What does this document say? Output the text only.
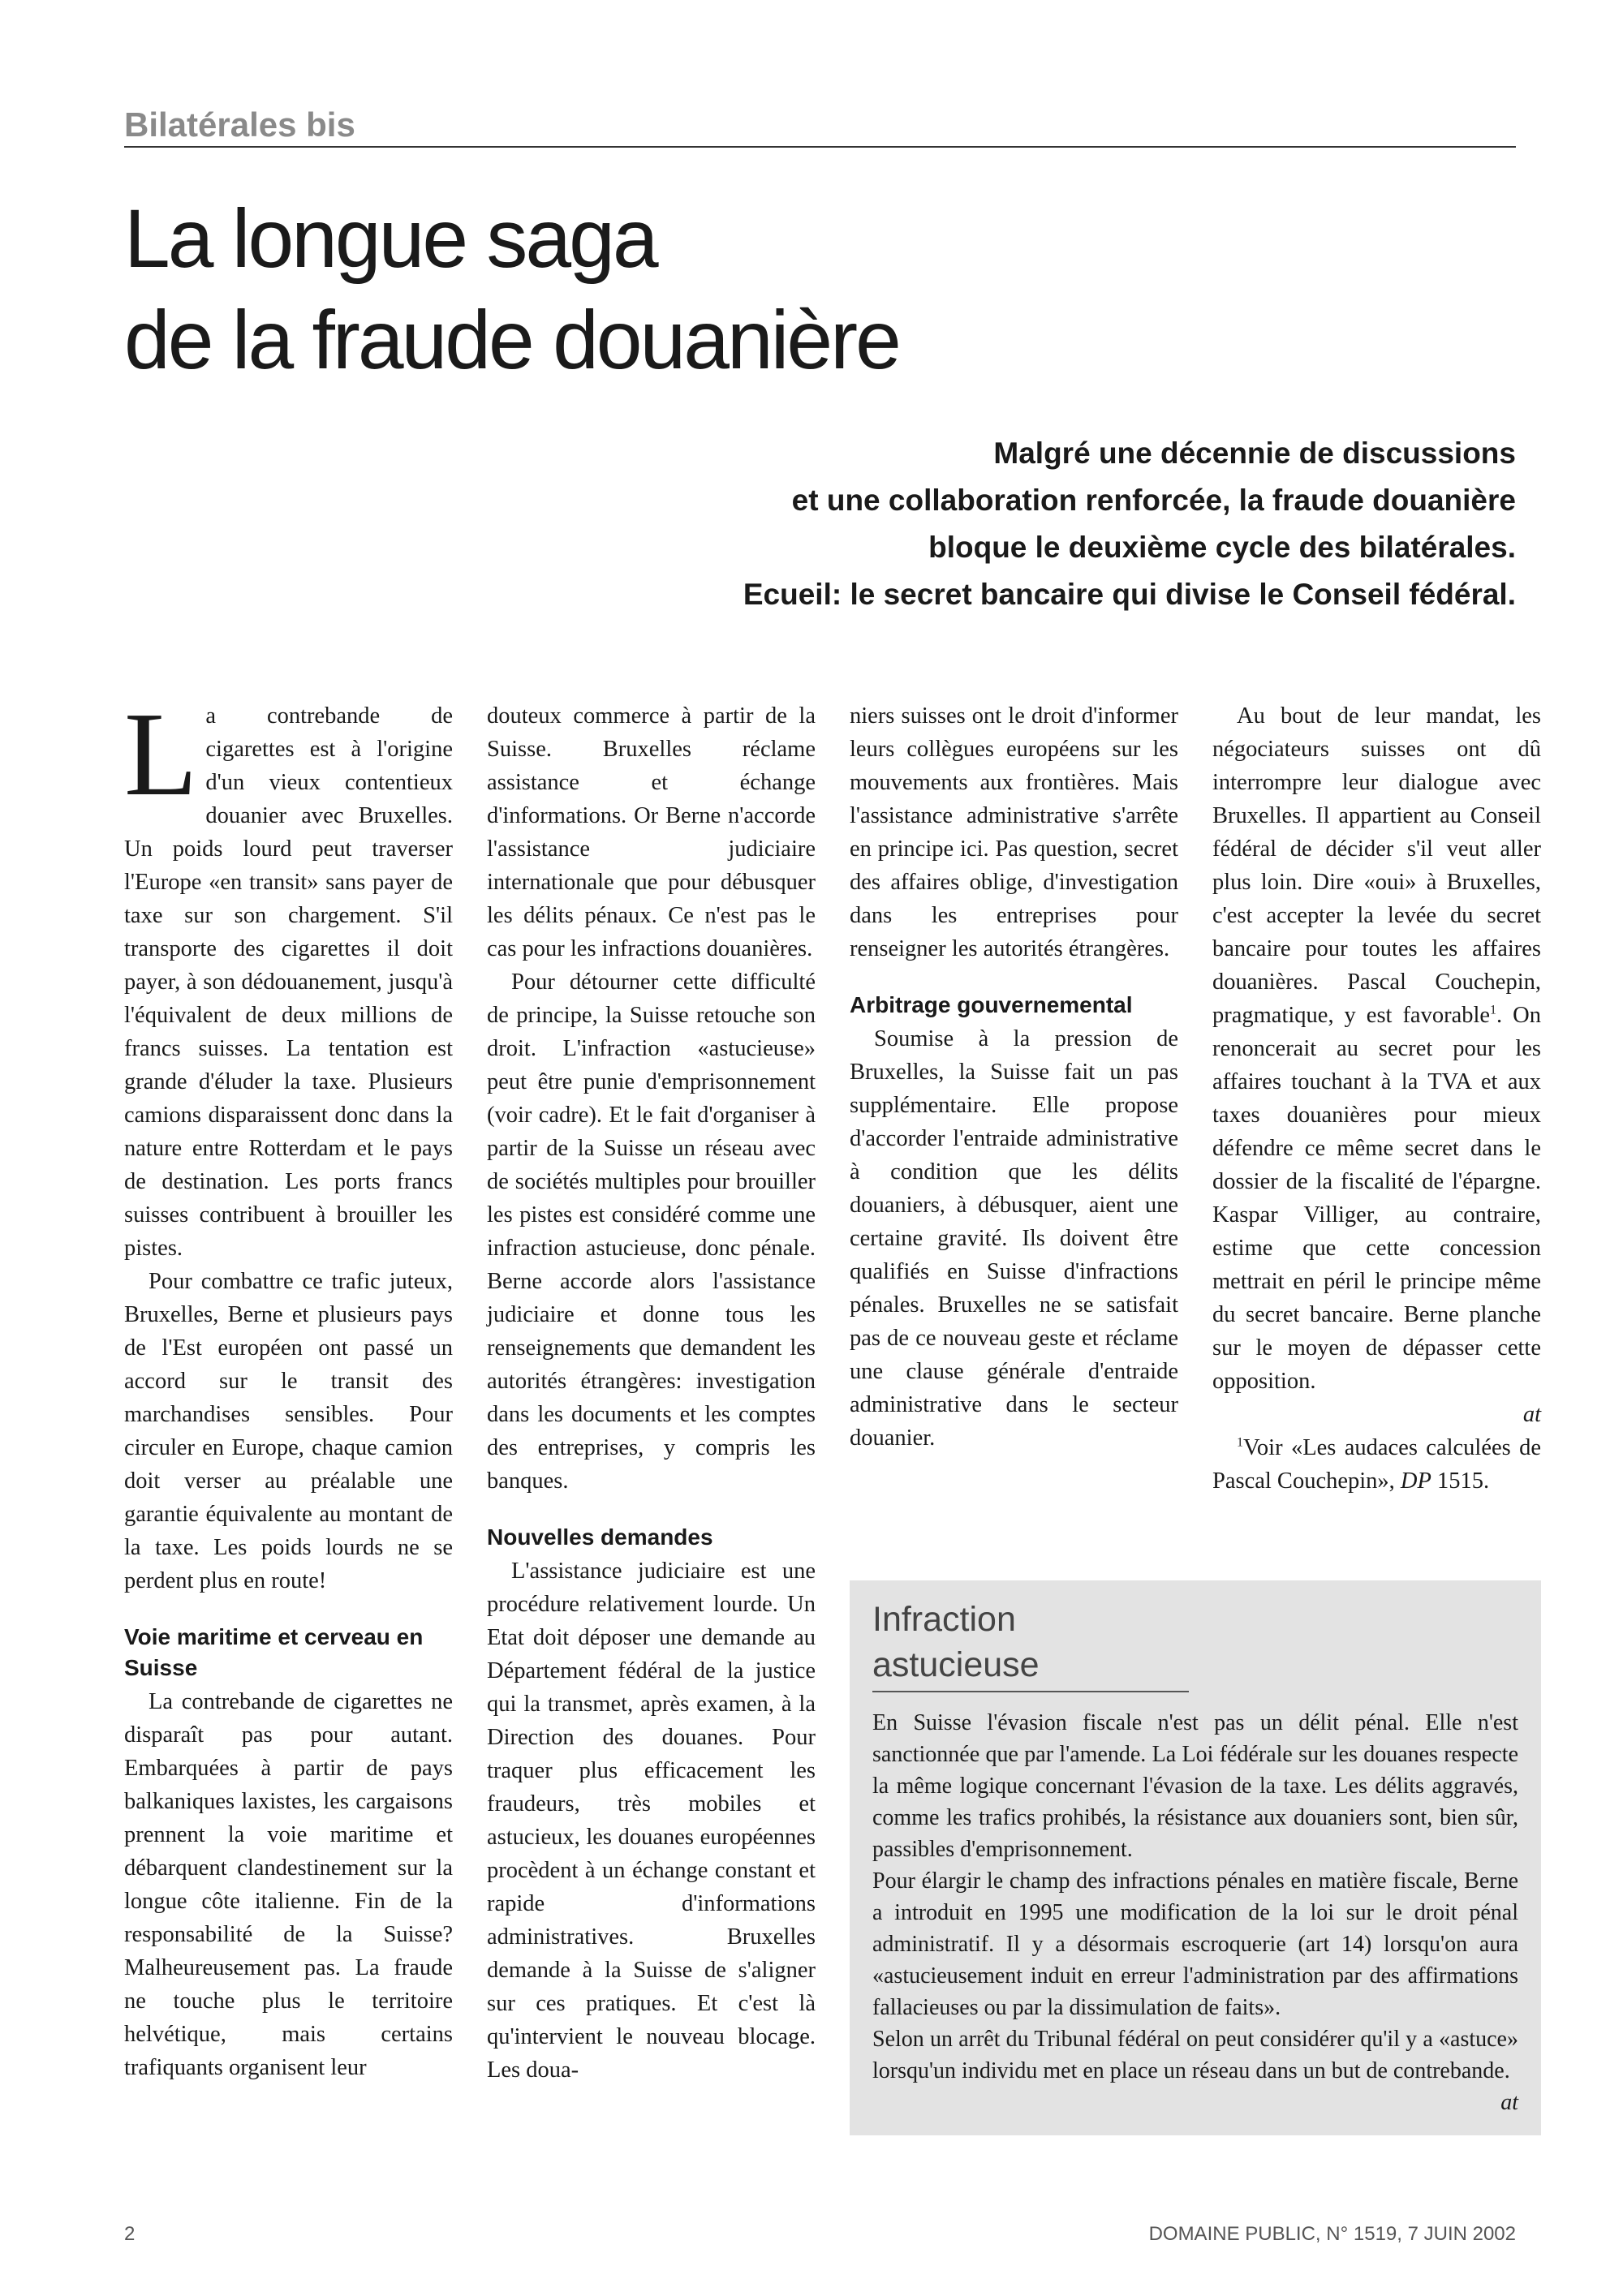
Bilatérales bis
La longue saga
de la fraude douanière
Malgré une décennie de discussions
et une collaboration renforcée, la fraude douanière
bloque le deuxième cycle des bilatérales.
Ecueil: le secret bancaire qui divise le Conseil fédéral.

La contrebande de cigarettes est à l'origine d'un vieux contentieux douanier avec Bruxelles. Un poids lourd peut traverser l'Europe «en transit» sans payer de taxe sur son chargement. S'il transporte des cigarettes il doit payer, à son dédouanement, jusqu'à l'équivalent de deux millions de francs suisses. La tentation est grande d'éluder la taxe. Plusieurs camions disparaissent donc dans la nature entre Rotterdam et le pays de destination. Les ports francs suisses contribuent à brouiller les pistes.

Pour combattre ce trafic juteux, Bruxelles, Berne et plusieurs pays de l'Est européen ont passé un accord sur le transit des marchandises sensibles. Pour circuler en Europe, chaque camion doit verser au préalable une garantie équivalente au montant de la taxe. Les poids lourds ne se perdent plus en route!

Voie maritime et cerveau en Suisse

La contrebande de cigarettes ne disparaît pas pour autant. Embarquées à partir de pays balkaniques laxistes, les cargaisons prennent la voie maritime et débarquent clandestinement sur la longue côte italienne. Fin de la responsabilité de la Suisse? Malheureusement pas. La fraude ne touche plus le territoire helvétique, mais certains trafiquants organisent leur

douteux commerce à partir de la Suisse. Bruxelles réclame assistance et échange d'informations. Or Berne n'accorde l'assistance judiciaire internationale que pour débusquer les délits pénaux. Ce n'est pas le cas pour les infractions douanières.

Pour détourner cette difficulté de principe, la Suisse retouche son droit. L'infraction «astucieuse» peut être punie d'emprisonnement (voir cadre). Et le fait d'organiser à partir de la Suisse un réseau avec de sociétés multiples pour brouiller les pistes est considéré comme une infraction astucieuse, donc pénale. Berne accorde alors l'assistance judiciaire et donne tous les renseignements que demandent les autorités étrangères: investigation dans les documents et les comptes des entreprises, y compris les banques.

Nouvelles demandes

L'assistance judiciaire est une procédure relativement lourde. Un Etat doit déposer une demande au Département fédéral de la justice qui la transmet, après examen, à la Direction des douanes. Pour traquer plus efficacement les fraudeurs, très mobiles et astucieux, les douanes européennes procèdent à un échange constant et rapide d'informations administratives. Bruxelles demande à la Suisse de s'aligner sur ces pratiques. Et c'est là qu'intervient le nouveau blocage. Les doua-

niers suisses ont le droit d'informer leurs collègues européens sur les mouvements aux frontières. Mais l'assistance administrative s'arrête en principe ici. Pas question, secret des affaires oblige, d'investigation dans les entreprises pour renseigner les autorités étrangères.

Arbitrage gouvernemental

Soumise à la pression de Bruxelles, la Suisse fait un pas supplémentaire. Elle propose d'accorder l'entraide administrative à condition que les délits douaniers, à débusquer, aient une certaine gravité. Ils doivent être qualifiés en Suisse d'infractions pénales. Bruxelles ne se satisfait pas de ce nouveau geste et réclame une clause générale d'entraide administrative dans le secteur douanier.

Au bout de leur mandat, les négociateurs suisses ont dû interrompre leur dialogue avec Bruxelles. Il appartient au Conseil fédéral de décider s'il veut aller plus loin. Dire «oui» à Bruxelles, c'est accepter la levée du secret bancaire pour toutes les affaires douanières. Pascal Couchepin, pragmatique, y est favorable$^1$. On renoncerait au secret pour les affaires touchant à la TVA et aux taxes douanières pour mieux défendre ce même secret dans le dossier de la fiscalité de l'épargne. Kaspar Villiger, au contraire, estime que cette concession mettrait en péril le principe même du secret bancaire. Berne planche sur le moyen de dépasser cette opposition.
at

$^1$Voir «Les audaces calculées de Pascal Couchepin», DP 1515.

Infraction astucieuse

En Suisse l'évasion fiscale n'est pas un délit pénal. Elle n'est sanctionnée que par l'amende. La Loi fédérale sur les douanes respecte la même logique concernant l'évasion de la taxe. Les délits aggravés, comme les trafics prohibés, la résistance aux douaniers sont, bien sûr, passibles d'emprisonnement.

Pour élargir le champ des infractions pénales en matière fiscale, Berne a introduit en 1995 une modification de la loi sur le droit pénal administratif. Il y a désormais escroquerie (art 14) lorsqu'on aura «astucieusement induit en erreur l'administration par des affirmations fallacieuses ou par la dissimulation de faits».

Selon un arrêt du Tribunal fédéral on peut considérer qu'il y a «astuce» lorsqu'un individu met en place un réseau dans un but de contrebande.
at

2	DOMAINE PUBLIC, N° 1519, 7 JUIN 2002
